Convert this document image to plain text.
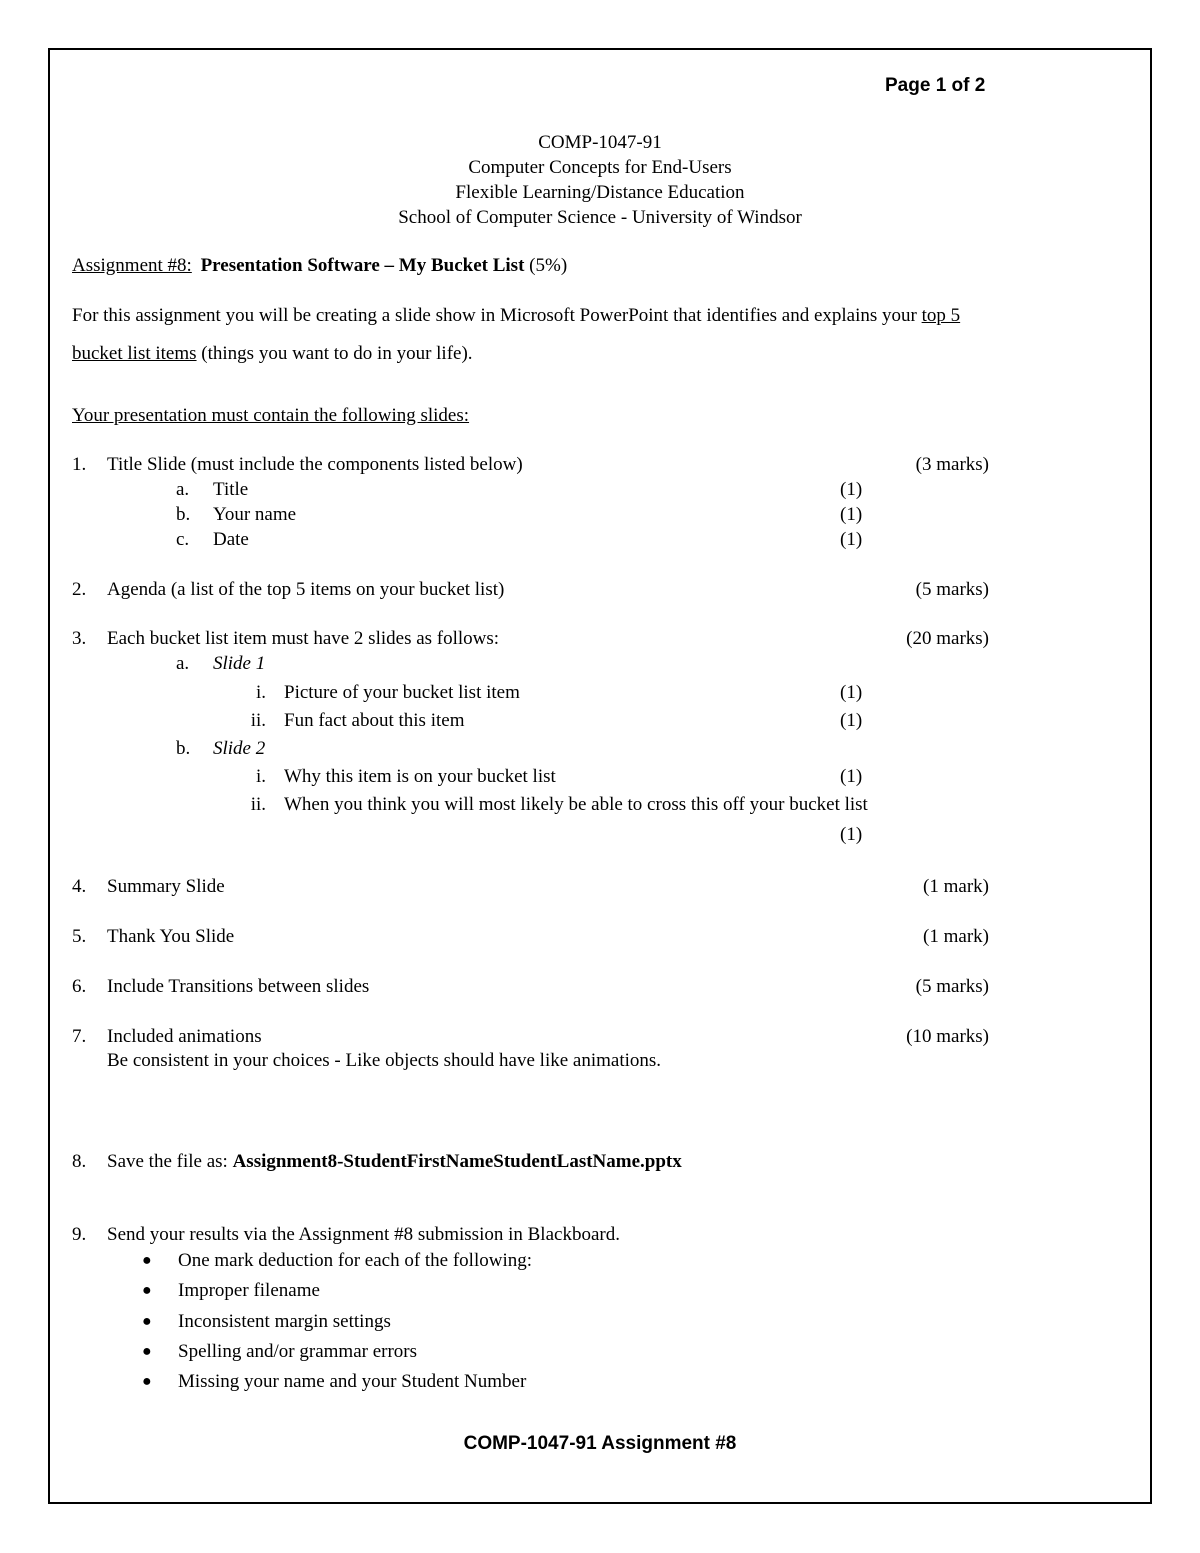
Page 1 of 2
COMP-1047-91
Computer Concepts for End-Users
Flexible Learning/Distance Education
School of Computer Science - University of Windsor
Assignment #8: Presentation Software – My Bucket List (5%)
For this assignment you will be creating a slide show in Microsoft PowerPoint that identifies and explains your top 5
bucket list items (things you want to do in your life).
Your presentation must contain the following slides:
1. Title Slide (must include the components listed below)	(3 marks)
a. Title	(1)
b. Your name	(1)
c. Date	(1)
2. Agenda (a list of the top 5 items on your bucket list)	(5 marks)
3. Each bucket list item must have 2 slides as follows:	(20 marks)
a. Slide 1
i. Picture of your bucket list item	(1)
ii. Fun fact about this item	(1)
b. Slide 2
i. Why this item is on your bucket list	(1)
ii. When you think you will most likely be able to cross this off your bucket list
(1)
4. Summary Slide	(1 mark)
5. Thank You Slide	(1 mark)
6. Include Transitions between slides	(5 marks)
7. Included animations	(10 marks)
Be consistent in your choices - Like objects should have like animations.
8. Save the file as: Assignment8-StudentFirstNameStudentLastName.pptx
9. Send your results via the Assignment #8 submission in Blackboard.
● One mark deduction for each of the following:
● Improper filename
● Inconsistent margin settings
● Spelling and/or grammar errors
● Missing your name and your Student Number
COMP-1047-91 Assignment #8
